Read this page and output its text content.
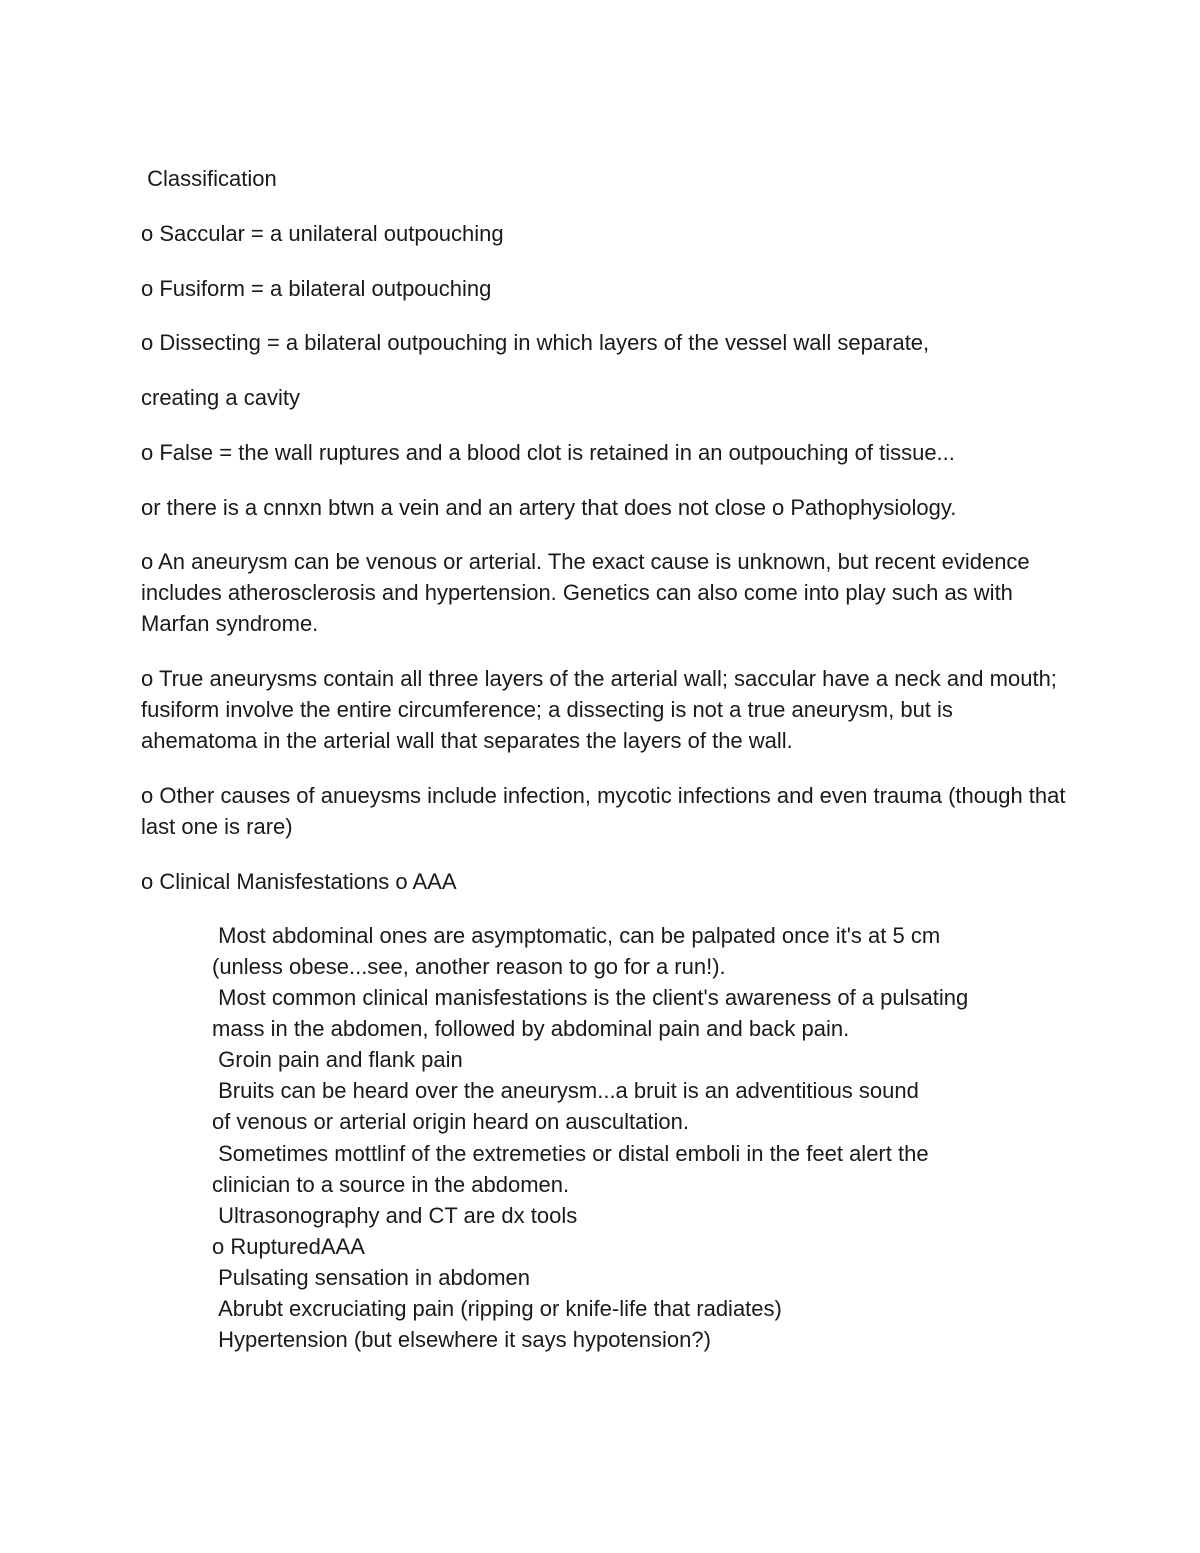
Classification

o Saccular = a unilateral outpouching

o Fusiform = a bilateral outpouching

o Dissecting = a bilateral outpouching in which layers of the vessel wall separate,

creating a cavity

o False = the wall ruptures and a blood clot is retained in an outpouching of tissue...

or there is a cnnxn btwn a vein and an artery that does not close o Pathophysiology.

o An aneurysm can be venous or arterial. The exact cause is unknown, but recent evidence includes atherosclerosis and hypertension. Genetics can also come into play such as with Marfan syndrome.

o True aneurysms contain all three layers of the arterial wall; saccular have a neck and mouth; fusiform involve the entire circumference; a dissecting is not a true aneurysm, but is ahematoma in the arterial wall that separates the layers of the wall.

o Other causes of anueysms include infection, mycotic infections and even trauma (though that last one is rare)

o Clinical Manisfestations o AAA

Most abdominal ones are asymptomatic, can be palpated once it's at 5 cm

(unless obese...see, another reason to go for a run!).

Most common clinical manisfestations is the client's awareness of a pulsating

mass in the abdomen, followed by abdominal pain and back pain.

Groin pain and flank pain

Bruits can be heard over the aneurysm...a bruit is an adventitious sound

of venous or arterial origin heard on auscultation.

Sometimes mottlinf of the extremeties or distal emboli in the feet alert the

clinician to a source in the abdomen.

Ultrasonography and CT are dx tools

o RupturedAAA

Pulsating sensation in abdomen

Abrubt excruciating pain (ripping or knife-life that radiates)

Hypertension (but elsewhere it says hypotension?)
